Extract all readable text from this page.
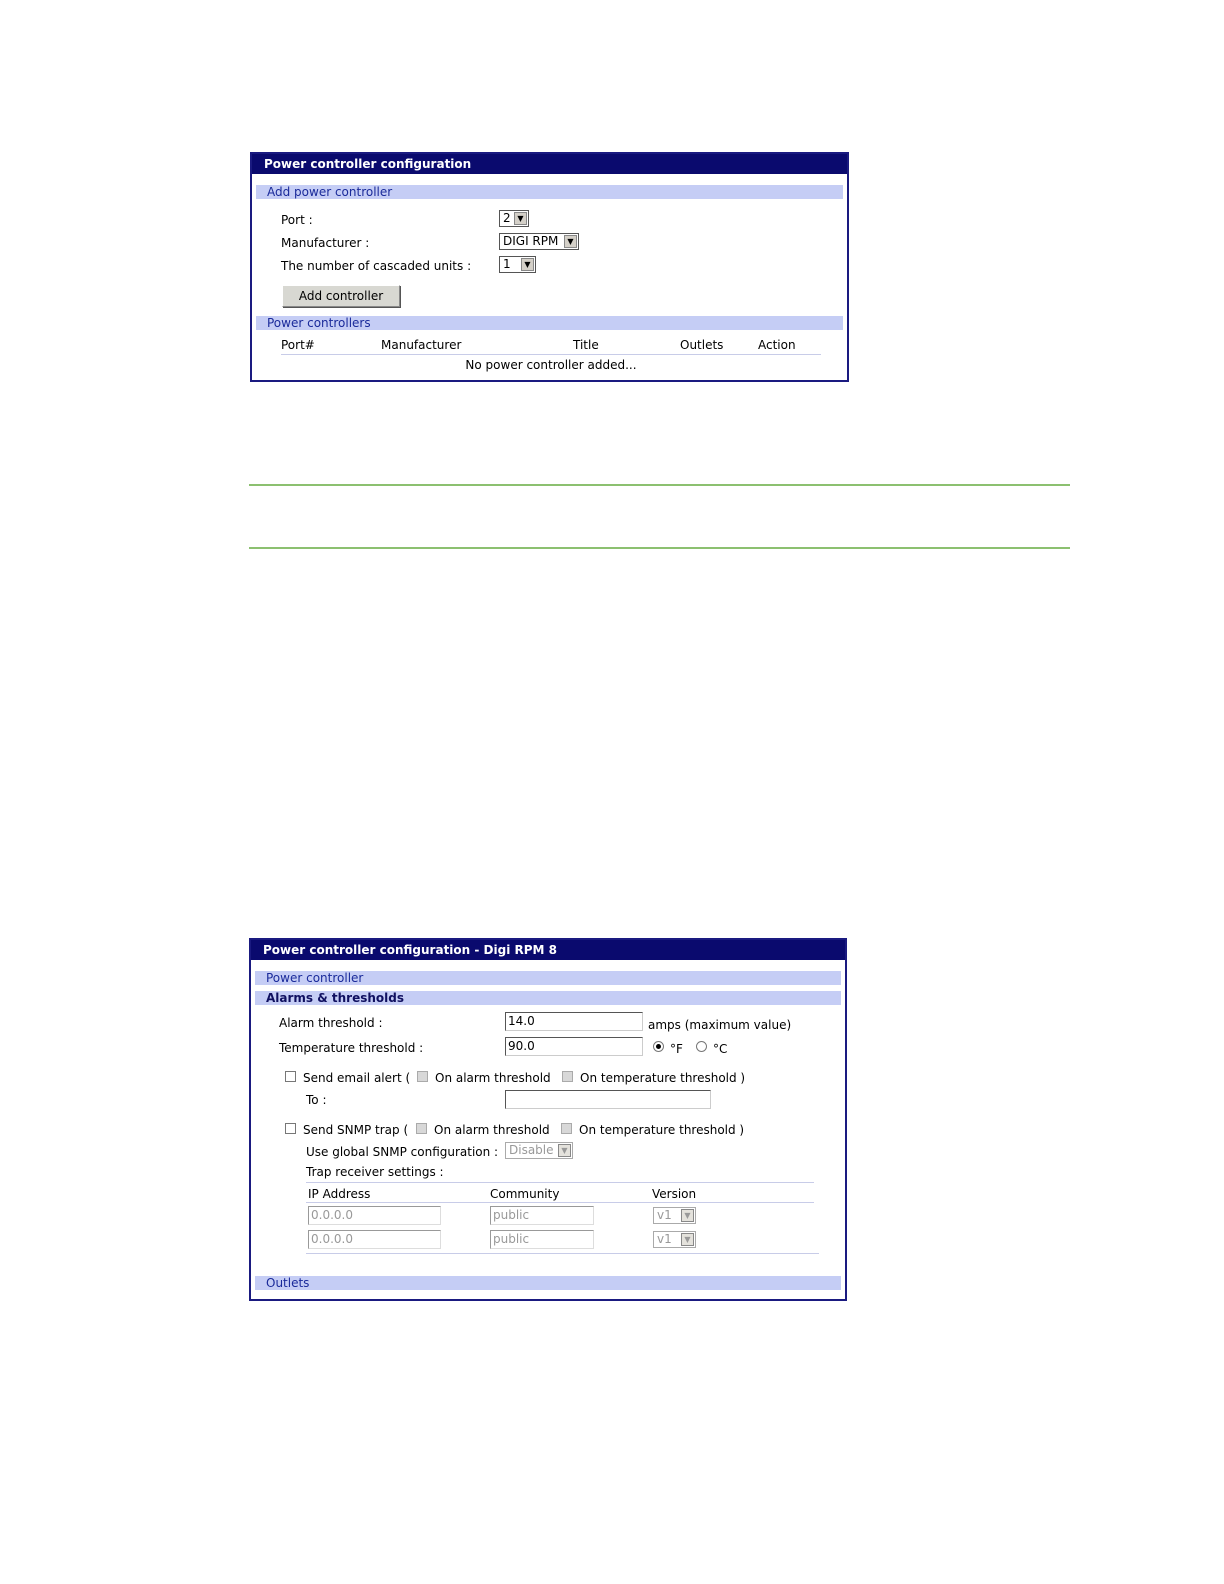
Power controller configuration
Add power controller
Port :	2 ▼
Manufacturer :	DIGI RPM	▼
The number of cascaded units :	1	▼
Add controller
Power controllers
Port#	Manufacturer	Title	Outlets	Action
No power controller added...
Power controller configuration - Digi RPM 8
Power controller
Alarms & thresholds
Alarm threshold :	14.0	amps (maximum value)
Temperature threshold :	90.0	°F	°C
Send email alert ( On alarm threshold On temperature threshold )
To :
Send SNMP trap ( On alarm threshold On temperature threshold )
Use global SNMP configuration : Disable ▼
Trap receiver settings :
IP Address	Community	Version
0.0.0.0	public	v1	▼
0.0.0.0	public	v1	▼
Outlets
